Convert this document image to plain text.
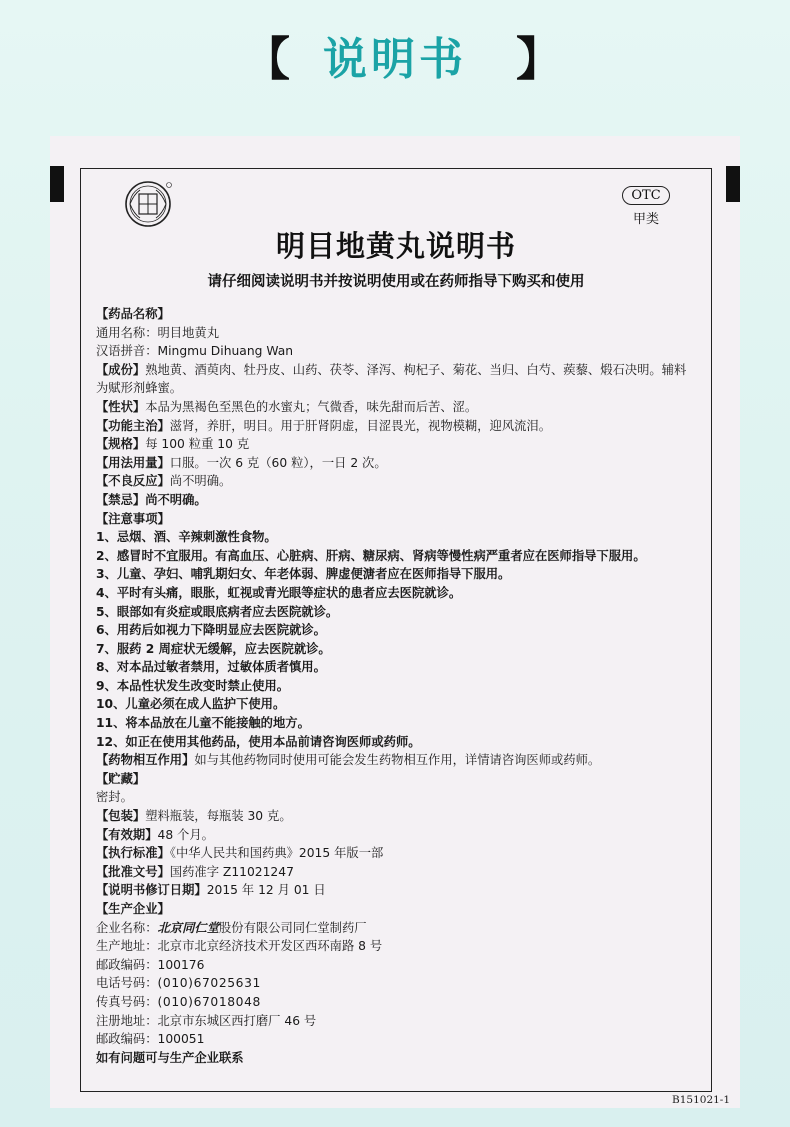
【 说明书	】
OTC
甲类
明目地黄丸说明书
请仔细阅读说明书并按说明使用或在药师指导下购买和使用
【药品名称】
通用名称：明目地黄丸
汉语拼音：Mingmu Dihuang Wan
【成份】熟地黄、酒萸肉、牡丹皮、山药、茯苓、泽泻、枸杞子、菊花、当归、白芍、蒺藜、煅石决明。辅料
为赋形剂蜂蜜。
【性状】本品为黑褐色至黑色的水蜜丸；气微香，味先甜而后苦、涩。
【功能主治】滋肾，养肝，明目。用于肝肾阴虚，目涩畏光，视物模糊，迎风流泪。
【规格】每 100 粒重 10 克
【用法用量】口服。一次 6 克（60 粒），一日 2 次。
【不良反应】尚不明确。
【禁忌】尚不明确。
【注意事项】
1、忌烟、酒、辛辣刺激性食物。
2、感冒时不宜服用。有高血压、心脏病、肝病、糖尿病、肾病等慢性病严重者应在医师指导下服用。
3、儿童、孕妇、哺乳期妇女、年老体弱、脾虚便溏者应在医师指导下服用。
4、平时有头痛，眼胀，虹视或青光眼等症状的患者应去医院就诊。
5、眼部如有炎症或眼底病者应去医院就诊。
6、用药后如视力下降明显应去医院就诊。
7、服药 2 周症状无缓解，应去医院就诊。
8、对本品过敏者禁用，过敏体质者慎用。
9、本品性状发生改变时禁止使用。
10、儿童必须在成人监护下使用。
11、将本品放在儿童不能接触的地方。
12、如正在使用其他药品，使用本品前请咨询医师或药师。
【药物相互作用】如与其他药物同时使用可能会发生药物相互作用，详情请咨询医师或药师。
【贮藏】
密封。
【包装】塑料瓶装，每瓶装 30 克。
【有效期】48 个月。
【执行标准】《中华人民共和国药典》2015 年版一部
【批准文号】国药准字 Z11021247
【说明书修订日期】2015 年 12 月 01 日
【生产企业】
企业名称：北京同仁堂股份有限公司同仁堂制药厂
生产地址：北京市北京经济技术开发区西环南路 8 号
邮政编码：100176
电话号码：(010)67025631
传真号码：(010)67018048
注册地址：北京市东城区西打磨厂 46 号
邮政编码：100051
如有问题可与生产企业联系
B151021-1
